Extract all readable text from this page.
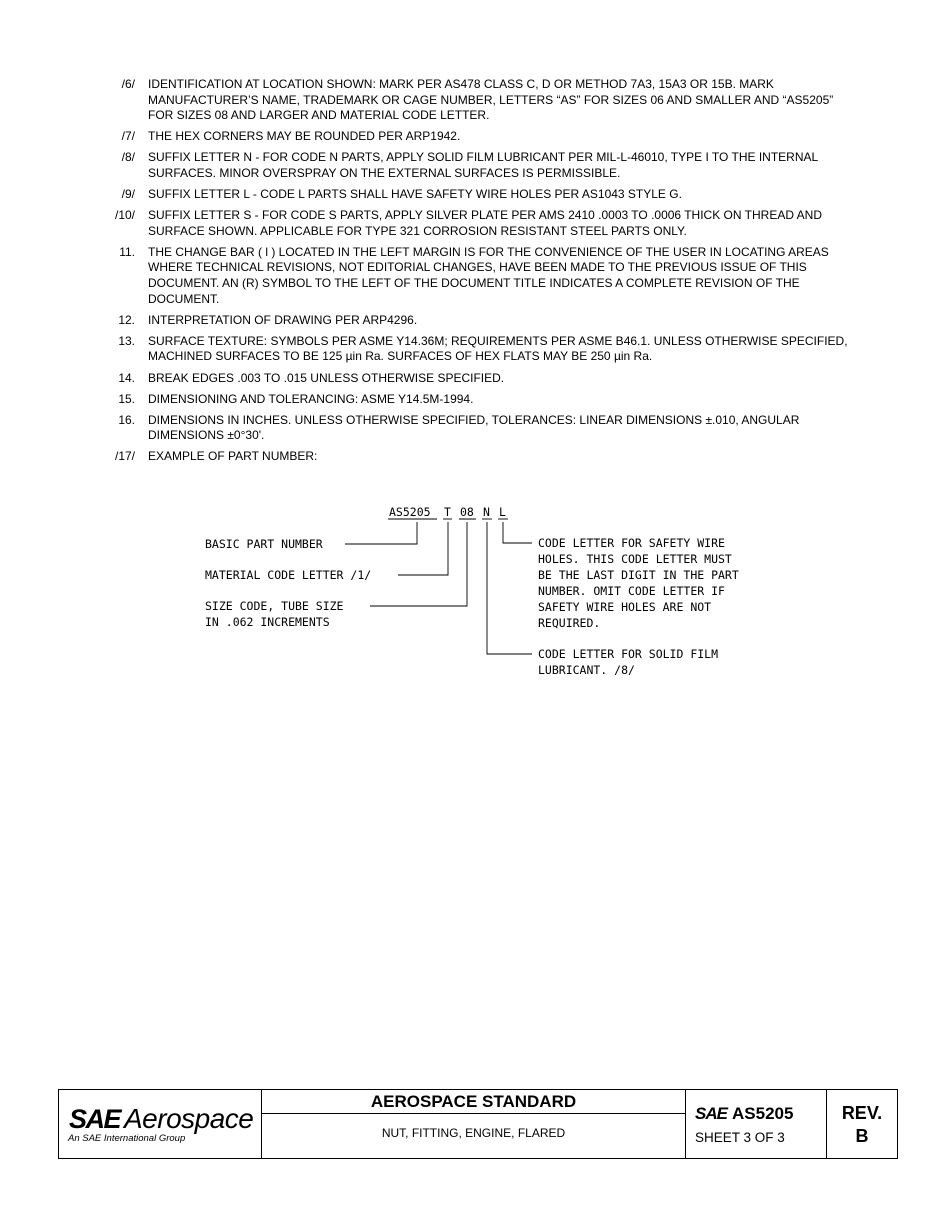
/6/	IDENTIFICATION AT LOCATION SHOWN: MARK PER AS478 CLASS C, D OR METHOD 7A3, 15A3 OR 15B. MARK MANUFACTURER’S NAME, TRADEMARK OR CAGE NUMBER, LETTERS “AS” FOR SIZES 06 AND SMALLER AND “AS5205” FOR SIZES 08 AND LARGER AND MATERIAL CODE LETTER.
/7/	THE HEX CORNERS MAY BE ROUNDED PER ARP1942.
/8/	SUFFIX LETTER N - FOR CODE N PARTS, APPLY SOLID FILM LUBRICANT PER MIL-L-46010, TYPE I TO THE INTERNAL SURFACES. MINOR OVERSPRAY ON THE EXTERNAL SURFACES IS PERMISSIBLE.
/9/	SUFFIX LETTER L - CODE L PARTS SHALL HAVE SAFETY WIRE HOLES PER AS1043 STYLE G.
/10/	SUFFIX LETTER S - FOR CODE S PARTS, APPLY SILVER PLATE PER AMS 2410 .0003 TO .0006 THICK ON THREAD AND SURFACE SHOWN. APPLICABLE FOR TYPE 321 CORROSION RESISTANT STEEL PARTS ONLY.
11.	THE CHANGE BAR ( l ) LOCATED IN THE LEFT MARGIN IS FOR THE CONVENIENCE OF THE USER IN LOCATING AREAS WHERE TECHNICAL REVISIONS, NOT EDITORIAL CHANGES, HAVE BEEN MADE TO THE PREVIOUS ISSUE OF THIS DOCUMENT. AN (R) SYMBOL TO THE LEFT OF THE DOCUMENT TITLE INDICATES A COMPLETE REVISION OF THE DOCUMENT.
12.	INTERPRETATION OF DRAWING PER ARP4296.
13.	SURFACE TEXTURE: SYMBOLS PER ASME Y14.36M; REQUIREMENTS PER ASME B46.1. UNLESS OTHERWISE SPECIFIED, MACHINED SURFACES TO BE 125 µin Ra. SURFACES OF HEX FLATS MAY BE 250 µin Ra.
14.	BREAK EDGES .003 TO .015 UNLESS OTHERWISE SPECIFIED.
15.	DIMENSIONING AND TOLERANCING: ASME Y14.5M-1994.
16.	DIMENSIONS IN INCHES. UNLESS OTHERWISE SPECIFIED, TOLERANCES: LINEAR DIMENSIONS ±.010, ANGULAR DIMENSIONS ±0°30'.
/17/	EXAMPLE OF PART NUMBER:
AS5205 T 08 N L
BASIC PART NUMBER
MATERIAL CODE LETTER /1/
SIZE CODE, TUBE SIZE
IN .062 INCREMENTS
CODE LETTER FOR SAFETY WIRE
HOLES. THIS CODE LETTER MUST
BE THE LAST DIGIT IN THE PART
NUMBER. OMIT CODE LETTER IF
SAFETY WIRE HOLES ARE NOT
REQUIRED.
CODE LETTER FOR SOLID FILM
LUBRICANT. /8/
SAE Aerospace
An SAE International Group
AEROSPACE STANDARD
NUT, FITTING, ENGINE, FLARED
SAE AS5205
SHEET 3 OF 3
REV.
B
